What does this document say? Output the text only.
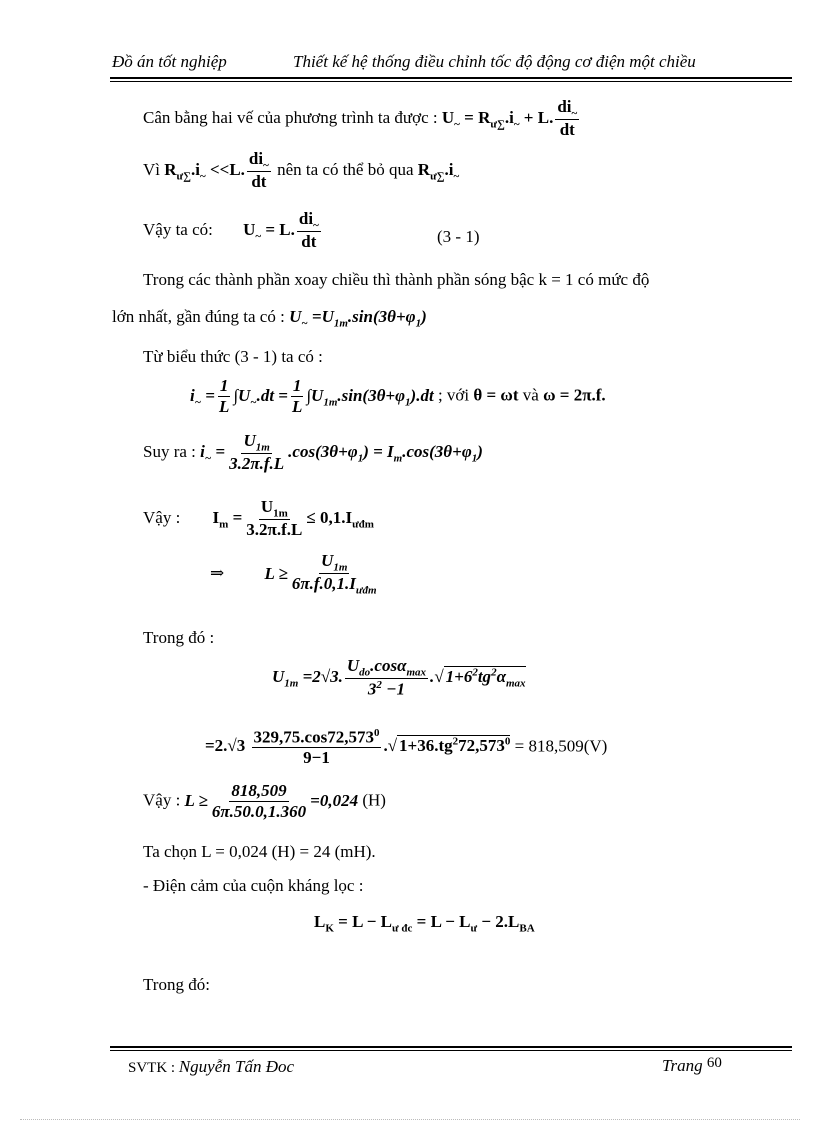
Đồ án tốt nghiệp	Thiết kế hệ thống điều chỉnh tốc độ động cơ điện một chiều
Cân bằng hai vế của phương trình ta được : $U_\sim = R_{ư\sum}.i_\sim + L$. $\frac{di_\sim}{dt}$
Vì $R_{ư\sum}.i_\sim <<L$. $\frac{di_\sim}{dt}$ nên ta có thể bỏ qua $R_{ư\sum}.i_\sim$
Vậy ta có: $U_\sim = L$. $\frac{di_\sim}{dt}$	(3 - 1)
Trong các thành phần xoay chiều thì thành phần sóng bậc k = 1 có mức độ
lớn nhất, gần đúng ta có : $U_\sim =U_{1m}.\sin(3\theta+\varphi_1)$
Từ biểu thức (3 - 1) ta có :
$i_\sim = \frac{1}{L} \int U_\sim.dt = \frac{1}{L} \int U_{1m}.\sin(3\theta+\varphi_1).dt$ ; với θ = ωt và ω = 2π.f.
Suy ra : $i_\sim = \frac{U_{1m}}{3.2\pi.f.L} .\cos(3\theta+\varphi_1) = I_m.\cos(3\theta+\varphi_1)$
Vậy : $I_m = \frac{U_{1m}}{3.2\pi.f.L} \le 0,1.I_{ưđm}$
⇒ $L \ge \frac{U_{1m}}{6\pi.f.0,1.I_{ưđm}}$
Trong đó :
$U_{1m} =2√3$. $\frac{U_{do}.\cos\alpha_{max}}{3^2 -1}$ .√ $1+6^2tg^2\alpha_{max}$
$=2.√3 \frac{329,75.\cos 72,573^0}{9-1}$ .√ $1+36.tg^272,573^0 = 818,509(V)$
Vậy : $L \ge \frac{818,509}{6\pi.50.0,1.360} =0,024$ (H)
Ta chọn L = 0,024 (H) = 24 (mH).
- Điện cảm của cuộn kháng lọc :
$L_K = L - L_{ư đc} = L - L_ư - 2.L_{BA}$
Trong đó:
SVTK : Nguyễn Tấn Đoc	Trang 60
